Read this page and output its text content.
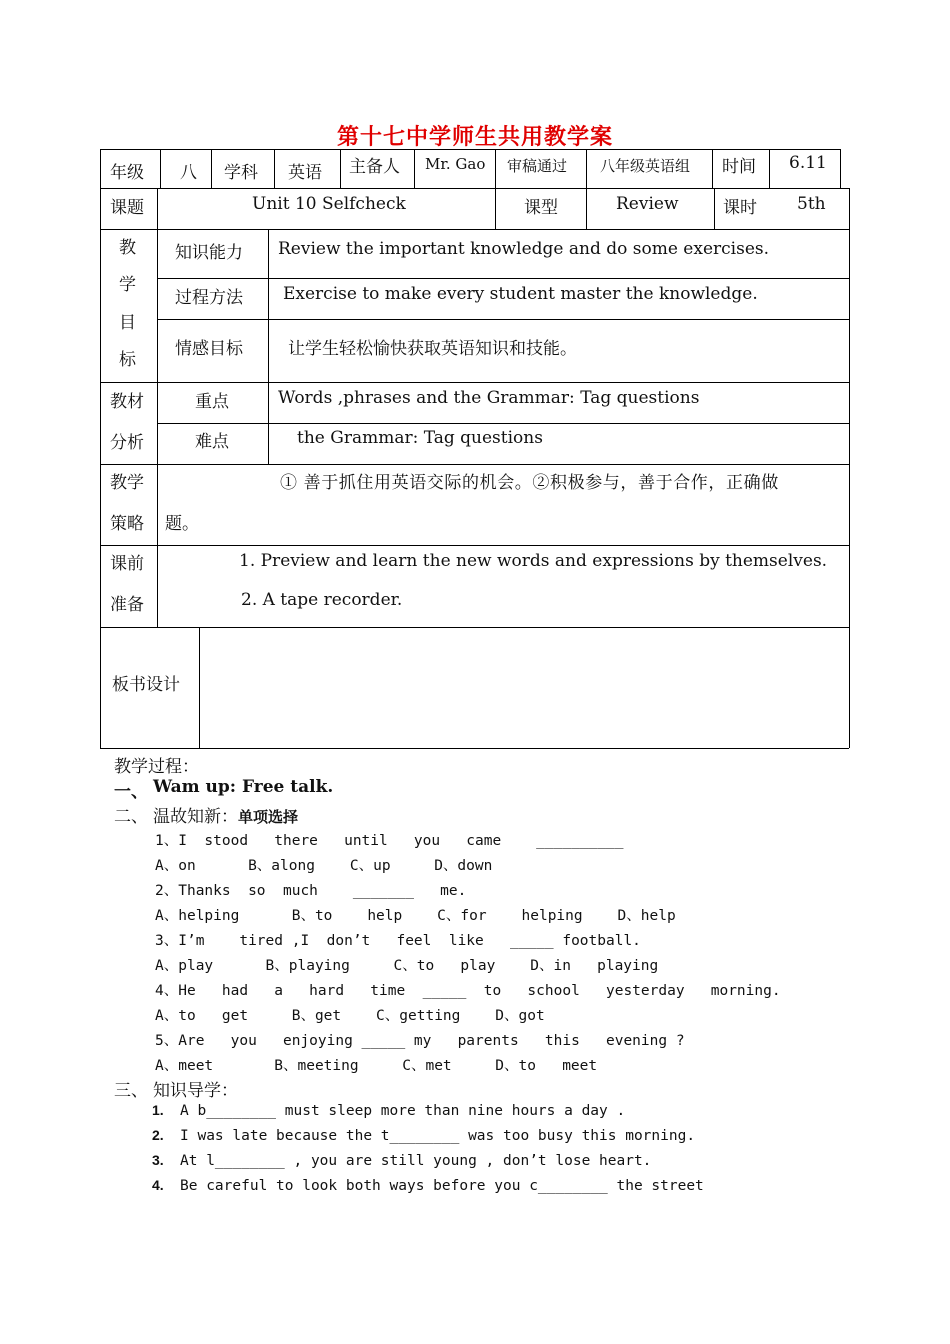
第十七中学师生共用教学案
年级 八 学科 英语 主备人 Mr. Gao 审稿通过 八年级英语组 时间 6.11
课题	Unit 10 Selfcheck	课型	Review	课时 5th
教
学
目
标
知识能力 Review the important knowledge and do some exercises.
过程方法 Exercise to make every student master the knowledge.
情感目标	让学生轻松愉快获取英语知识和技能。
教材
分析
重点	Words ,phrases and the Grammar: Tag questions
难点	the Grammar: Tag questions
教学
策略
① 善于抓住用英语交际的机会。②积极参与，善于合作，正确做
题。
课前
准备
1. Preview and learn the new words and expressions by themselves.
2. A tape recorder.
板书设计
教学过程：
一、 Wam up: Free talk.
二、 温故知新：单项选择
1、I  stood   there   until   you   came    __________
A、on      B、along    C、up     D、down
2、Thanks  so  much    _______   me.
A、helping      B、to    help    C、for    helping    D、help
3、I’m    tired ,I  don’t   feel  like   _____ football.
A、play      B、playing     C、to   play    D、in   playing
4、He   had   a   hard   time  _____  to   school   yesterday   morning.
A、to   get     B、get    C、getting    D、got
5、Are   you   enjoying _____ my   parents   this   evening ?
A、meet       B、meeting     C、met     D、to   meet
三、 知识导学：
1. A b________ must sleep more than nine hours a day .
2. I was late because the t________ was too busy this morning.
3. At l________ , you are still young , don’t lose heart.
4. Be careful to look both ways before you c________ the street
